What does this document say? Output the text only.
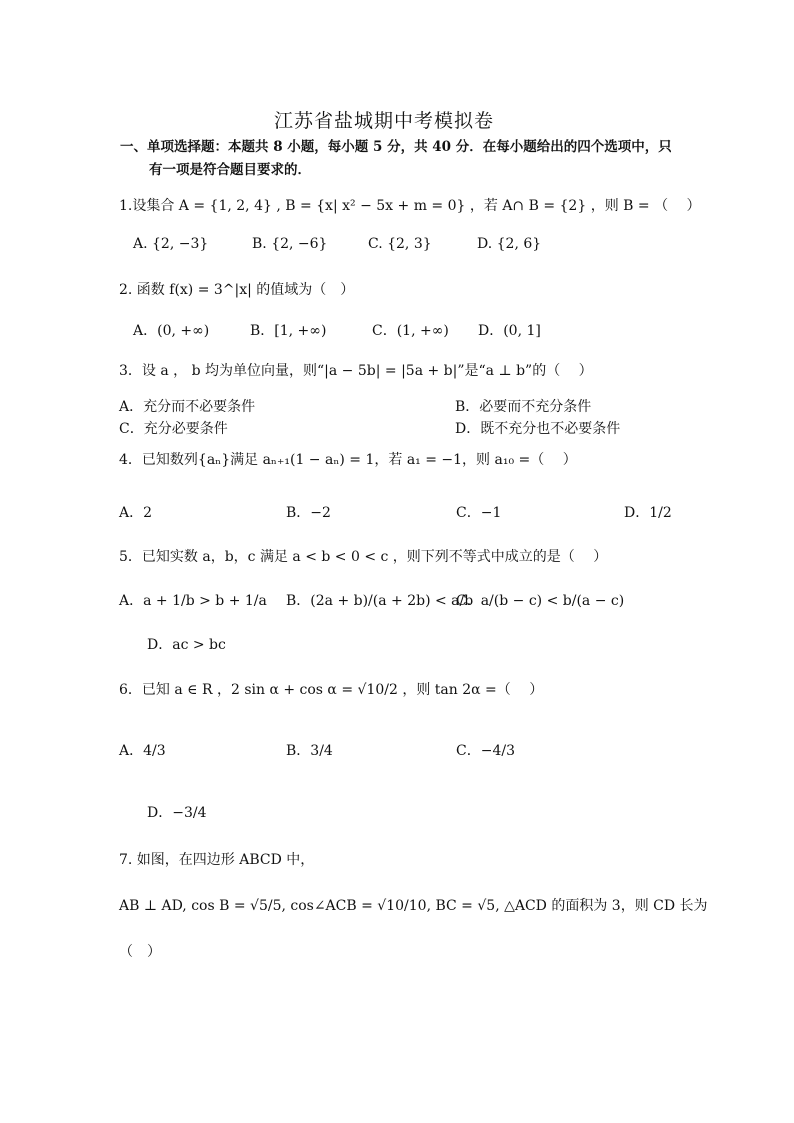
江苏省盐城期中考模拟卷
一、单项选择题：本题共 8 小题，每小题 5 分，共 40 分．在每小题给出的四个选项中，只
有一项是符合题目要求的．
1.设集合 A = {1, 2, 4} , B = {x| x² − 5x + m = 0} ，若 A∩ B = {2} ，则 B = （　 ）
A. {2, −3}	B. {2, −6}	C. {2, 3}	D. {2, 6}
2. 函数 f(x) = 3^|x| 的值域为（　）
A．(0, +∞)	B．[1, +∞)	C．(1, +∞) D．(0, 1]
3．设 a ， b 均为单位向量，则“|a − 5b| = |5a + b|”是“a ⊥ b”的（　 ）
A．充分而不必要条件	B．必要而不充分条件
C．充分必要条件	D．既不充分也不必要条件
4．已知数列{aₙ}满足 aₙ₊₁(1 − aₙ) = 1，若 a₁ = −1，则 a₁₀ =（　 ）
A．2	B．−2	C．−1	D．1/2
5．已知实数 a，b，c 满足 a < b < 0 < c ，则下列不等式中成立的是（　 ）
A．a + 1/b > b + 1/a B．(2a + b)/(a + 2b) < a/b
C．a/(b − c) < b/(a − c)
D．ac > bc
6．已知 a ∈ R ，2 sin α + cos α = √10/2 ，则 tan 2α =（　 ）
A．4/3	B．3/4	C．−4/3
D．−3/4
7. 如图，在四边形 ABCD 中，
AB ⊥ AD, cos B = √5/5, cos∠ACB = √10/10, BC = √5, △ACD 的面积为 3，则 CD 长为
（　）
